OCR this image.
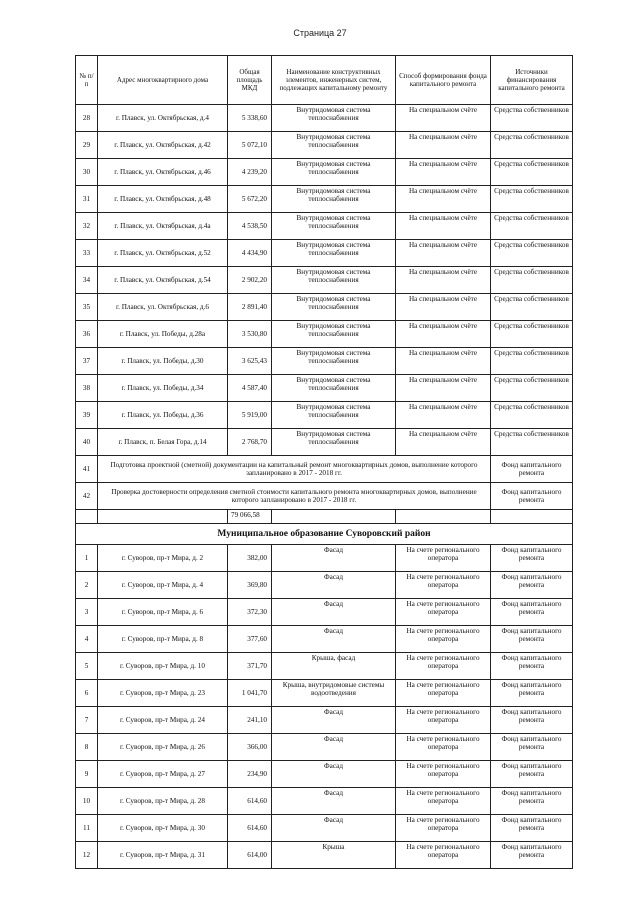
Страница 27
№ п/п	Адрес многоквартирного дома	Общая площадь МКД	Наименование конструктивных элементов, инженерных систем, подлежащих капитальному ремонту	Способ формирования фонда капитального ремонта	Источники финансирования капитального ремонта
28	г. Плавск, ул. Октябрьская, д.4	5 338,60	Внутридомовая система теплоснабжения	На специальном счёте	Средства собственников
29	г. Плавск, ул. Октябрьская, д.42	5 072,10	Внутридомовая система теплоснабжения	На специальном счёте	Средства собственников
30	г. Плавск, ул. Октябрьская, д.46	4 239,20	Внутридомовая система теплоснабжения	На специальном счёте	Средства собственников
31	г. Плавск, ул. Октябрьская, д.48	5 672,20	Внутридомовая система теплоснабжения	На специальном счёте	Средства собственников
32	г. Плавск, ул. Октябрьская, д.4а	4 538,50	Внутридомовая система теплоснабжения	На специальном счёте	Средства собственников
33	г. Плавск, ул. Октябрьская, д.52	4 434,90	Внутридомовая система теплоснабжения	На специальном счёте	Средства собственников
34	г. Плавск, ул. Октябрьская, д.54	2 902,20	Внутридомовая система теплоснабжения	На специальном счёте	Средства собственников
35	г. Плавск, ул. Октябрьская, д.6	2 891,40	Внутридомовая система теплоснабжения	На специальном счёте	Средства собственников
36	г. Плавск, ул. Победы, д.28а	3 530,80	Внутридомовая система теплоснабжения	На специальном счёте	Средства собственников
37	г. Плавск, ул. Победы, д.30	3 625,43	Внутридомовая система теплоснабжения	На специальном счёте	Средства собственников
38	г. Плавск, ул. Победы, д.34	4 587,40	Внутридомовая система теплоснабжения	На специальном счёте	Средства собственников
39	г. Плавск, ул. Победы, д.36	5 919,00	Внутридомовая система теплоснабжения	На специальном счёте	Средства собственников
40	г. Плавск, п. Белая Гора, д.14	2 768,70	Внутридомовая система теплоснабжения	На специальном счёте	Средства собственников
41	Подготовка проектной (сметной) документации на капитальный ремонт многоквартирных домов, выполнение которого запланировано в 2017 - 2018 гг.				Фонд капитального ремонта
42	Проверка достоверности определения сметной стоимости капитального ремонта многоквартирных домов, выполнение которого запланировано в 2017 - 2018 гг.				Фонд капитального ремонта
		79 066,58			
Муниципальное образование Суворовский район					
1	г. Суворов, пр-т Мира, д. 2	382,00	Фасад	На счете регионального оператора	Фонд капитального ремонта
2	г. Суворов, пр-т Мира, д. 4	369,80	Фасад	На счете регионального оператора	Фонд капитального ремонта
3	г. Суворов, пр-т Мира, д. 6	372,30	Фасад	На счете регионального оператора	Фонд капитального ремонта
4	г. Суворов, пр-т Мира, д. 8	377,60	Фасад	На счете регионального оператора	Фонд капитального ремонта
5	г. Суворов, пр-т Мира, д. 10	371,70	Крыша, фасад	На счете регионального оператора	Фонд капитального ремонта
6	г. Суворов, пр-т Мира, д. 23	1 041,70	Крыша, внутридомовые системы водоотведения	На счете регионального оператора	Фонд капитального ремонта
7	г. Суворов, пр-т Мира, д. 24	241,10	Фасад	На счете регионального оператора	Фонд капитального ремонта
8	г. Суворов, пр-т Мира, д. 26	366,00	Фасад	На счете регионального оператора	Фонд капитального ремонта
9	г. Суворов, пр-т Мира, д. 27	234,90	Фасад	На счете регионального оператора	Фонд капитального ремонта
10	г. Суворов, пр-т Мира, д. 28	614,60	Фасад	На счете регионального оператора	Фонд капитального ремонта
11	г. Суворов, пр-т Мира, д. 30	614,60	Фасад	На счете регионального оператора	Фонд капитального ремонта
12	г. Суворов, пр-т Мира, д. 31	614,00	Крыша	На счете регионального оператора	Фонд капитального ремонта
